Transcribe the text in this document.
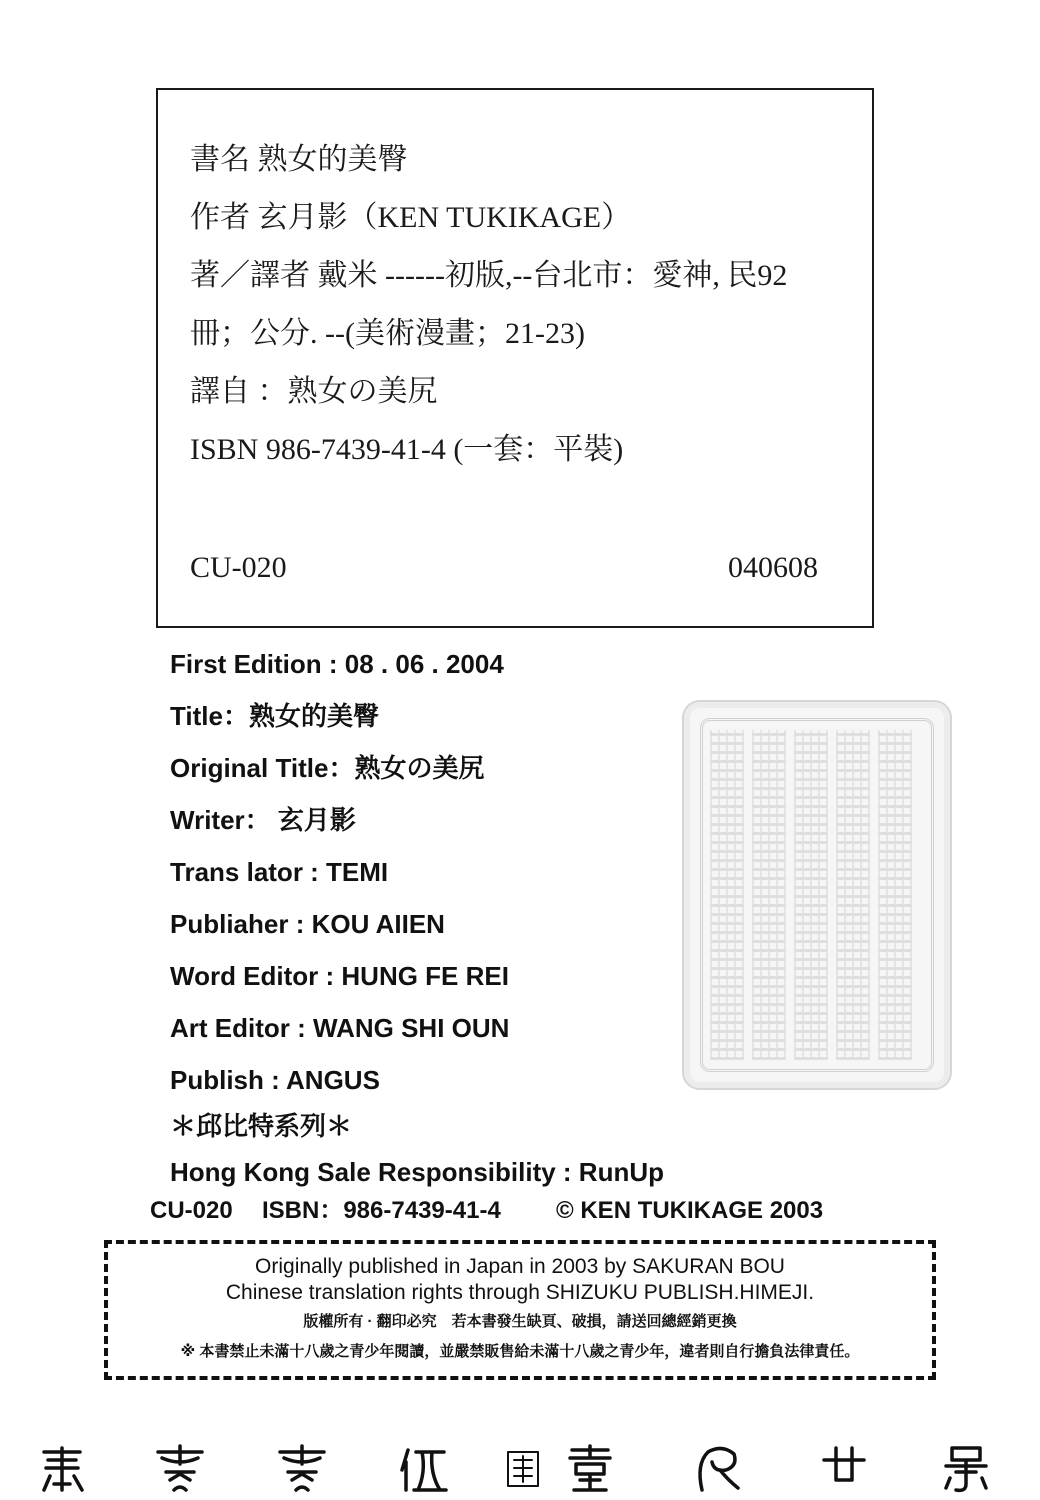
書名 熟女的美臀
作者 玄月影（KEN TUKIKAGE）
著／譯者 戴米 ------初版,--台北市：愛神, 民92
冊；公分. --(美術漫畫；21-23)
譯自 ：熟女の美尻
ISBN 986-7439-41-4 (一套：平裝)
CU-020	040608
First Edition : 08 . 06 . 2004
Title：熟女的美臀
Original Title：熟女の美尻
Writer： 玄月影
Trans lator : TEMI
Publiaher : KOU AIIEN
Word Editor : HUNG FE REI
Art Editor : WANG SHI OUN
Publish : ANGUS
＊邱比特系列＊
Hong Kong Sale Responsibility : RunUp
CU-020 ISBN：986-7439-41-4 © KEN TUKIKAGE 2003
Originally published in Japan in 2003 by SAKURAN BOU
Chinese translation rights through SHIZUKU PUBLISH.HIMEJI.
版權所有 · 翻印必究　若本書發生缺頁、破損，請送回總經銷更換
※ 本書禁止未滿十八歲之青少年閱讀，並嚴禁販售給未滿十八歲之青少年，違者則自行擔負法律責任。
